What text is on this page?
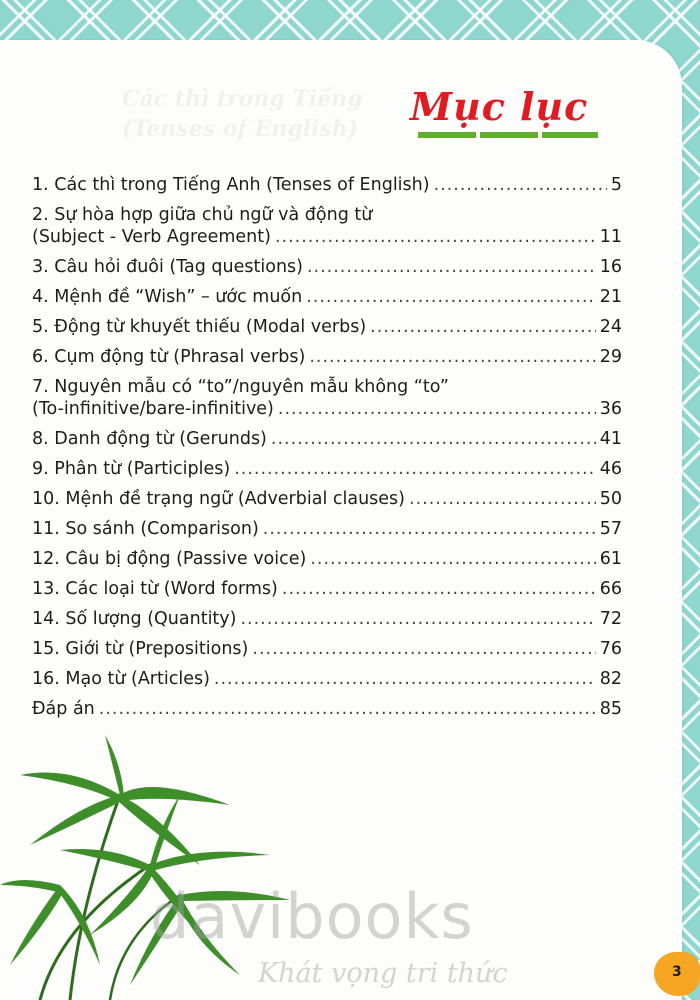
Các thì trong Tiếng
(Tenses of English) Mục lục
1. Các thì trong Tiếng Anh (Tenses of English) .....	5
2. Sự hòa hợp giữa chủ ngữ và động từ
(Subject - Verb Agreement) .....	11
3. Câu hỏi đuôi (Tag questions) .....	16
4. Mệnh đề “Wish” – ước muốn .....	21
5. Động từ khuyết thiếu (Modal verbs) .....	24
6. Cụm động từ (Phrasal verbs) .....	29
7. Nguyên mẫu có “to”/nguyên mẫu không “to”
(To-infinitive/bare-infinitive) .....	36
8. Danh động từ (Gerunds) .....	41
9. Phân từ (Participles) .....	46
10. Mệnh đề trạng ngữ (Adverbial clauses) .....	50
11. So sánh (Comparison) .....	57
12. Câu bị động (Passive voice) .....	61
13. Các loại từ (Word forms) .....	66
14. Số lượng (Quantity) .....	72
15. Giới từ (Prepositions) .....	76
16. Mạo từ (Articles) .....	82
Đáp án .....	85
davibooks
Khát vọng tri thức	3
